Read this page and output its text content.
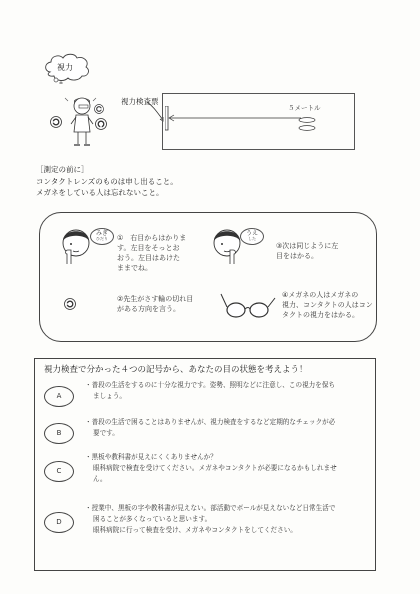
視力
視力検査票
５メートル
［測定の前に］
コンタクトレンズのものは申し出ること。
メガネをしている人は忘れないこと。
みぎ
ひだり	①　右目からはかりま
す。左目をそっとお
おう。左目はあけた
ままでね。
うえ
した
③次は同じように左
目をはかる。
②先生がさす輪の切れ目
がある方向を言う。
④メガネの人はメガネの
視力、コンタクトの人はコン
タクトの視力をはかる。
視力検査で分かった４つの記号から、あなたの目の状態を考えよう！
A
・普段の生活をするのに十分な視力です。姿勢、照明などに注意し、この視力を保ち
ましょう。
B
・普段の生活で困ることはありませんが、視力検査をするなど定期的なチェックが必
要です。
C
・黒板や教科書が見えにくくありませんか？
眼科病院で検査を受けてください。メガネやコンタクトが必要になるかもしれませ
ん。
D
・授業中、黒板の字や教科書が見えない。部活動でボールが見えないなど日常生活で
困ることが多くなっていると思います。
眼科病院に行って検査を受け、メガネやコンタクトをしてください。
